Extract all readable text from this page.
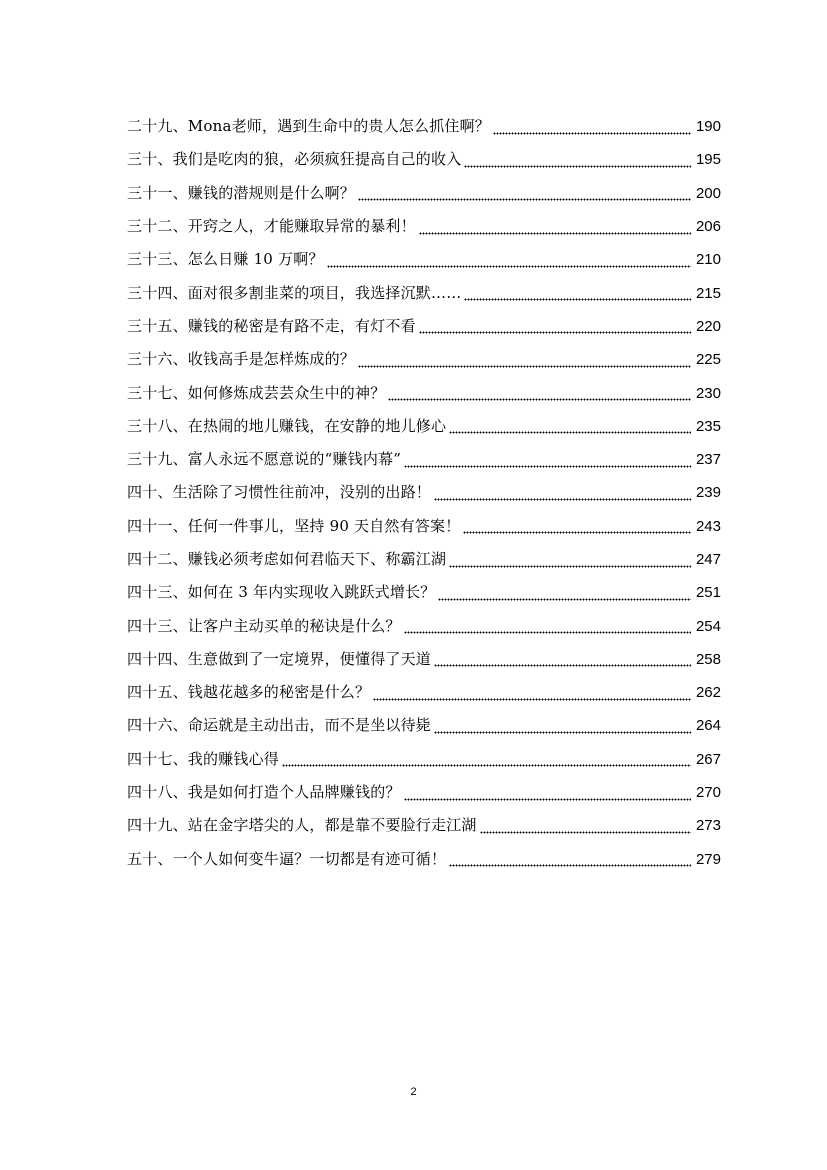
二十九、Mona老师，遇到生命中的贵人怎么抓住啊？	190
三十、我们是吃肉的狼，必须疯狂提高自己的收入	195
三十一、赚钱的潜规则是什么啊？	200
三十二、开窍之人，才能赚取异常的暴利！	206
三十三、怎么日赚 10 万啊？	210
三十四、面对很多割韭菜的项目，我选择沉默……	215
三十五、赚钱的秘密是有路不走，有灯不看	220
三十六、收钱高手是怎样炼成的？	225
三十七、如何修炼成芸芸众生中的神？	230
三十八、在热闹的地儿赚钱，在安静的地儿修心	235
三十九、富人永远不愿意说的“赚钱内幕”	237
四十、生活除了习惯性往前冲，没别的出路！	239
四十一、任何一件事儿，坚持 90 天自然有答案！	243
四十二、赚钱必须考虑如何君临天下、称霸江湖	247
四十三、如何在 3 年内实现收入跳跃式增长？	251
四十三、让客户主动买单的秘诀是什么？	254
四十四、生意做到了一定境界，便懂得了天道	258
四十五、钱越花越多的秘密是什么？	262
四十六、命运就是主动出击，而不是坐以待毙	264
四十七、我的赚钱心得	267
四十八、我是如何打造个人品牌赚钱的？	270
四十九、站在金字塔尖的人，都是靠不要脸行走江湖	273
五十、一个人如何变牛逼？一切都是有迹可循！	279
2
